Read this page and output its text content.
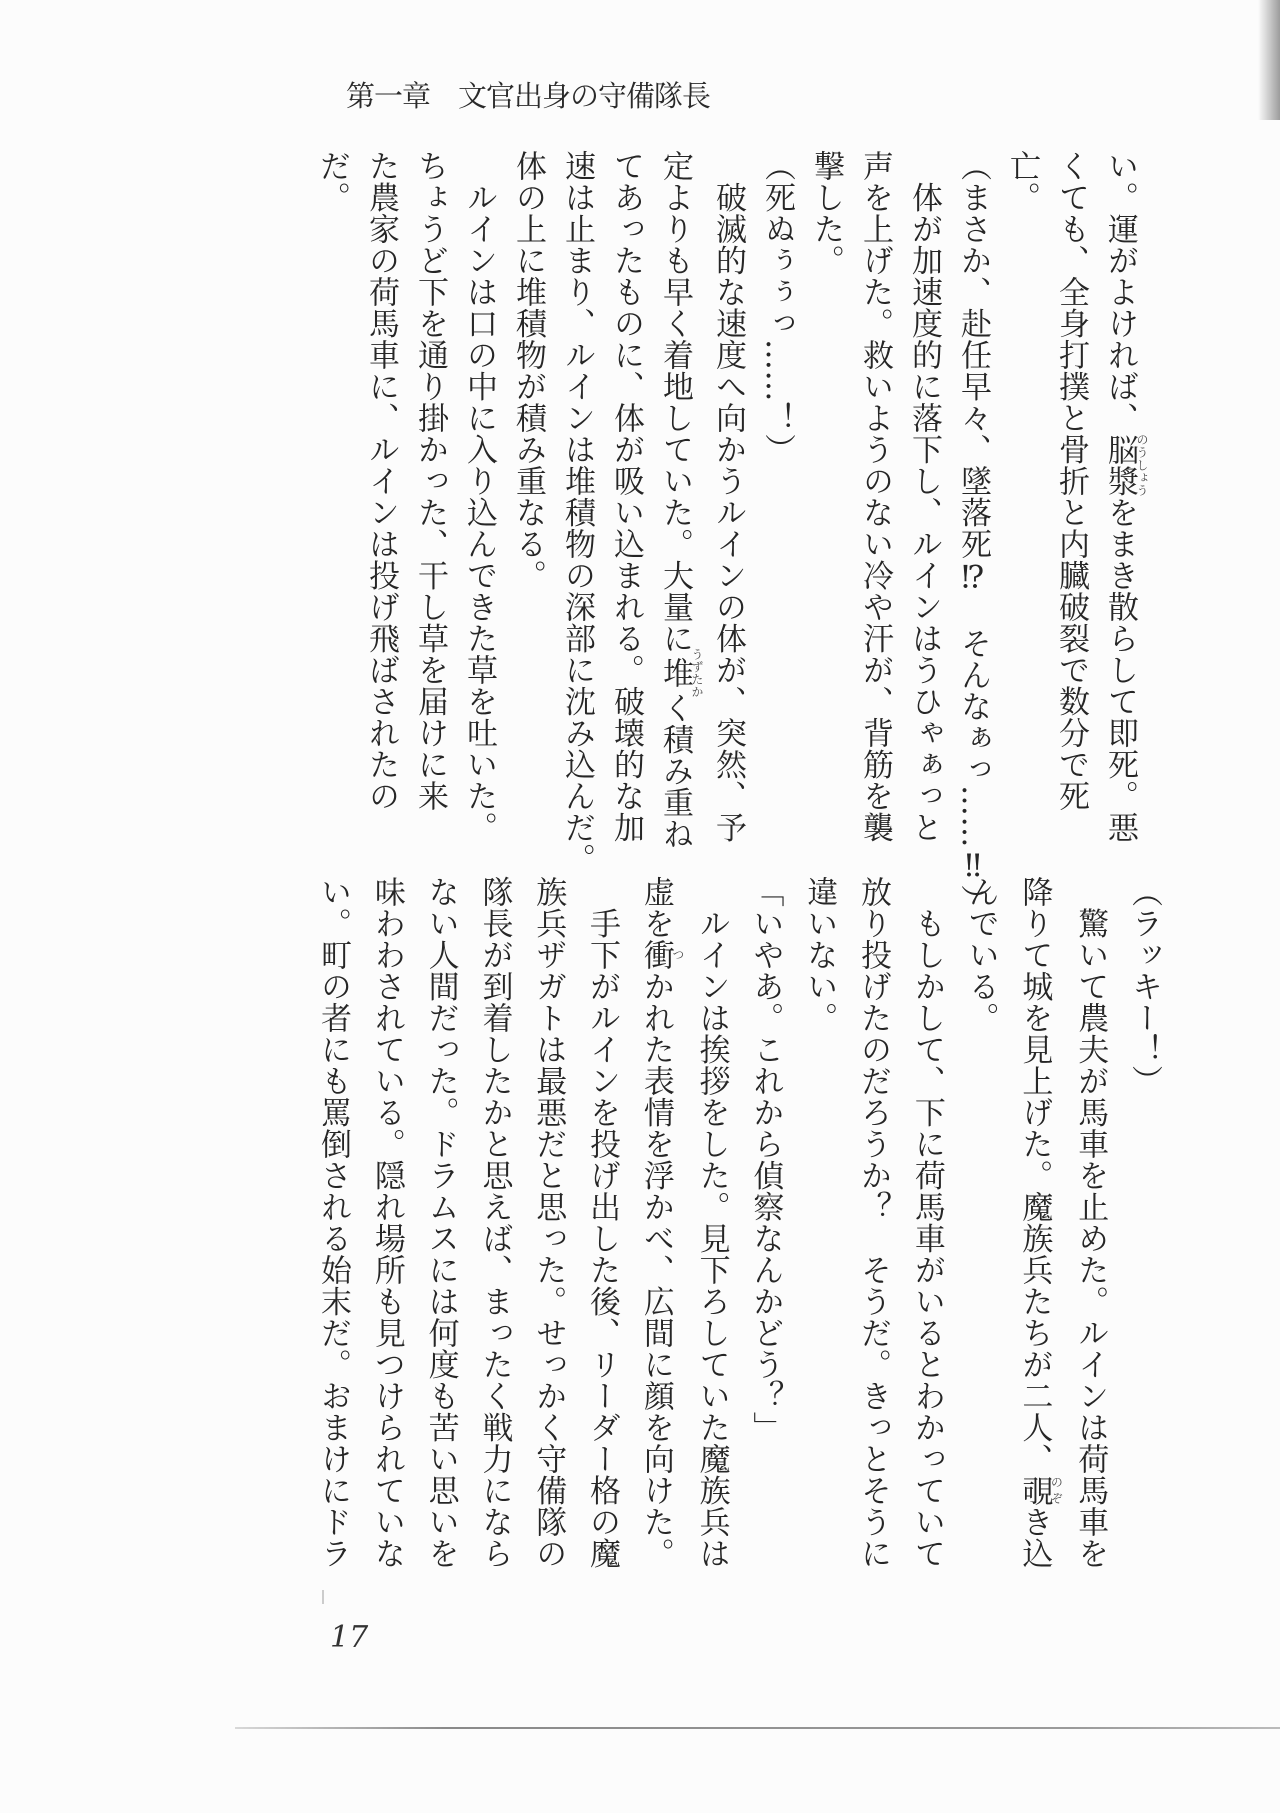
第一章　文官出身の守備隊長
い。運がよければ、脳漿のうしょうをまき散らして即死。悪
くても、全身打撲と骨折と内臓破裂で数分で死
亡。
（まさか、赴任早々、墜落死⁉　そんなぁっ……‼）
　体が加速度的に落下し、ルインはうひゃぁっと
声を上げた。救いようのない冷や汗が、背筋を襲
撃した。
（死ぬぅぅっ……！）
　破滅的な速度へ向かうルインの体が、突然、予
定よりも早く着地していた。大量に堆うずたかく積み重ね
てあったものに、体が吸い込まれる。破壊的な加
速は止まり、ルインは堆積物の深部に沈み込んだ。
体の上に堆積物が積み重なる。
　ルインは口の中に入り込んできた草を吐いた。
ちょうど下を通り掛かった、干し草を届けに来
た農家の荷馬車に、ルインは投げ飛ばされたの
だ。
（ラッキー！）
　驚いて農夫が馬車を止めた。ルインは荷馬車を
降りて城を見上げた。魔族兵たちが二人、覗のぞき込
んでいる。
　もしかして、下に荷馬車がいるとわかっていて
放り投げたのだろうか？　そうだ。きっとそうに
違いない。
「いやあ。これから偵察なんかどう？」
　ルインは挨拶をした。見下ろしていた魔族兵は
虚を衝つかれた表情を浮かべ、広間に顔を向けた。
　手下がルインを投げ出した後、リーダー格の魔
族兵ザガトは最悪だと思った。せっかく守備隊の
隊長が到着したかと思えば、まったく戦力になら
ない人間だった。ドラムスには何度も苦い思いを
味わわされている。隠れ場所も見つけられていな
い。町の者にも罵倒される始末だ。おまけにドラ
17
